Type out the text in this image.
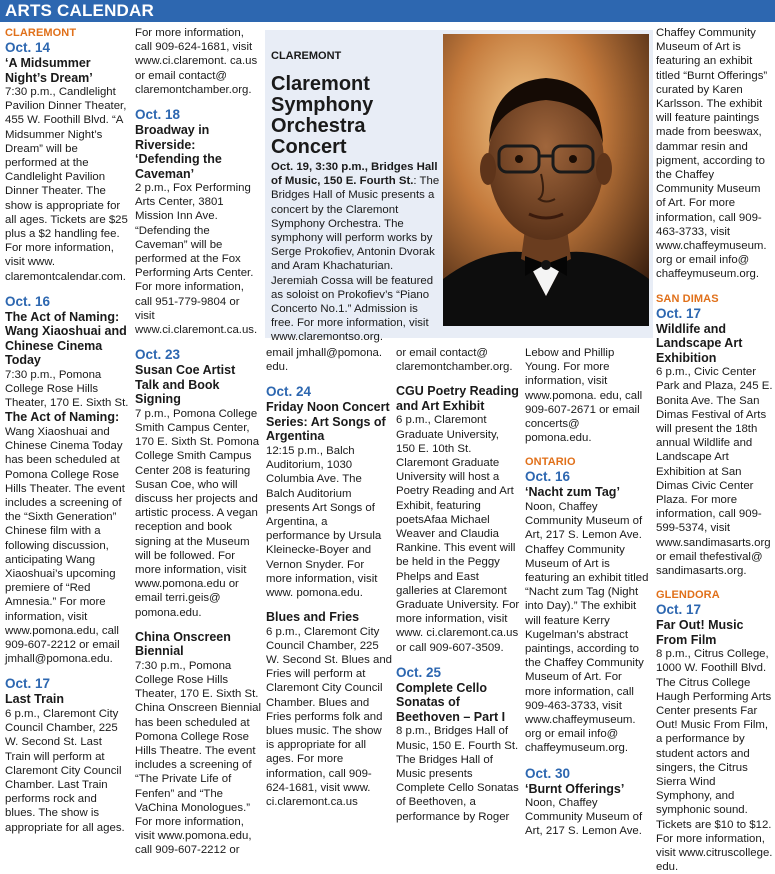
ARTS CALENDAR

CLAREMONT

Oct. 14

‘A Midsummer Night’s Dream’

7:30 p.m., Candlelight Pavilion Dinner Theater, 455 W. Foothill Blvd. “A Midsummer Night’s Dream” will be performed at the Candlelight Pavilion Dinner Theater. The show is appropriate for all ages. Tickets are $25 plus a $2 handling fee. For more information, visit www. claremontcalendar.com.

Oct. 16

The Act of Naming: Wang Xiaoshuai and Chinese Cinema Today

7:30 p.m., Pomona College Rose Hills Theater, 170 E. Sixth St.

The Act of Naming:

Wang Xiaoshuai and Chinese Cinema Today has been scheduled at Pomona College Rose Hills Theater. The event includes a screening of the “Sixth Generation” Chinese film with a following discussion, anticipating Wang Xiaoshuai’s upcoming premiere of “Red Amnesia.” For more information, visit www.pomona.edu, call 909-607-2212 or email jmhall@pomona.edu.

Oct. 17

Last Train

6 p.m., Claremont City Council Chamber, 225 W. Second St. Last Train will perform at Claremont City Council Chamber. Last Train performs rock and blues. The show is appropriate for all ages.

For more information, call 909-624-1681, visit www.ci.claremont. ca.us or email contact@ claremontchamber.org.

Oct. 18

Broadway in Riverside: ‘Defending the Caveman’

2 p.m., Fox Performing Arts Center, 3801 Mission Inn Ave. “Defending the Caveman” will be performed at the Fox Performing Arts Center. For more information, call 951-779-9804 or visit www.ci.claremont.ca.us.

Oct. 23

Susan Coe Artist Talk and Book Signing

7 p.m., Pomona College Smith Campus Center, 170 E. Sixth St. Pomona College Smith Campus Center 208 is featuring Susan Coe, who will discuss her projects and artistic process. A vegan reception and book signing at the Museum will be followed. For more information, visit www.pomona.edu or email terri.geis@ pomona.edu.

China Onscreen Biennial

7:30 p.m., Pomona College Rose Hills Theater, 170 E. Sixth St. China Onscreen Biennial has been scheduled at Pomona College Rose Hills Theatre. The event includes a screening of “The Private Life of Fenfen” and “The VaChina Monologues.” For more information, visit www.pomona.edu, call 909-607-2212 or

CLAREMONT

Claremont Symphony Orchestra Concert

Oct. 19, 3:30 p.m., Bridges Hall of Music, 150 E. Fourth St.: The Bridges Hall of Music presents a concert by the Claremont Symphony Orchestra. The symphony will perform works by Serge Prokofiev, Antonin Dvorak and Aram Khachaturian. Jeremiah Cossa will be featured as soloist on Prokofiev’s “Piano Concerto No.1.” Admission is free. For more information, visit www.claremontso.org.

email jmhall@pomona. edu.

Oct. 24

Friday Noon Concert Series: Art Songs of Argentina

12:15 p.m., Balch Auditorium, 1030 Columbia Ave. The Balch Auditorium presents Art Songs of Argentina, a performance by Ursula Kleinecke-Boyer and Vernon Snyder. For more information, visit www. pomona.edu.

Blues and Fries

6 p.m., Claremont City Council Chamber, 225 W. Second St. Blues and Fries will perform at Claremont City Council Chamber. Blues and Fries performs folk and blues music. The show is appropriate for all ages. For more information, call 909-624-1681, visit www. ci.claremont.ca.us

or email contact@ claremontchamber.org.

CGU Poetry Reading and Art Exhibit

6 p.m., Claremont Graduate University, 150 E. 10th St. Claremont Graduate University will host a Poetry Reading and Art Exhibit, featuring poetsAfaa Michael Weaver and Claudia Rankine. This event will be held in the Peggy Phelps and East galleries at Claremont Graduate University. For more information, visit www. ci.claremont.ca.us or call 909-607-3509.

Oct. 25

Complete Cello Sonatas of Beethoven – Part I

8 p.m., Bridges Hall of Music, 150 E. Fourth St. The Bridges Hall of Music presents Complete Cello Sonatas of Beethoven, a performance by Roger

Lebow and Phillip Young. For more information, visit www.pomona. edu, call 909-607-2671 or email concerts@ pomona.edu.

ONTARIO

Oct. 16

‘Nacht zum Tag’

Noon, Chaffey Community Museum of Art, 217 S. Lemon Ave. Chaffey Community Museum of Art is featuring an exhibit titled “Nacht zum Tag (Night into Day).” The exhibit will feature Kerry Kugelman’s abstract paintings, according to the Chaffey Community Museum of Art. For more information, call 909-463-3733, visit www.chaffeymuseum. org or email info@ chaffeymuseum.org.

Oct. 30

‘Burnt Offerings’

Noon, Chaffey Community Museum of Art, 217 S. Lemon Ave.

Chaffey Community Museum of Art is featuring an exhibit titled “Burnt Offerings” curated by Karen Karlsson. The exhibit will feature paintings made from beeswax, dammar resin and pigment, according to the Chaffey Community Museum of Art. For more information, call 909-463-3733, visit www.chaffeymuseum. org or email info@ chaffeymuseum.org.

SAN DIMAS

Oct. 17

Wildlife and Landscape Art Exhibition

6 p.m., Civic Center Park and Plaza, 245 E. Bonita Ave. The San Dimas Festival of Arts will present the 18th annual Wildlife and Landscape Art Exhibition at San Dimas Civic Center Plaza. For more information, call 909-599-5374, visit www.sandimasarts.org or email thefestival@ sandimasarts.org.

GLENDORA

Oct. 17

Far Out! Music From Film

8 p.m., Citrus College, 1000 W. Foothill Blvd. The Citrus College Haugh Performing Arts Center presents Far Out! Music From Film, a performance by student actors and singers, the Citrus Sierra Wind Symphony, and symphonic sound. Tickets are $10 to $12. For more information, visit www.citruscollege. edu.
